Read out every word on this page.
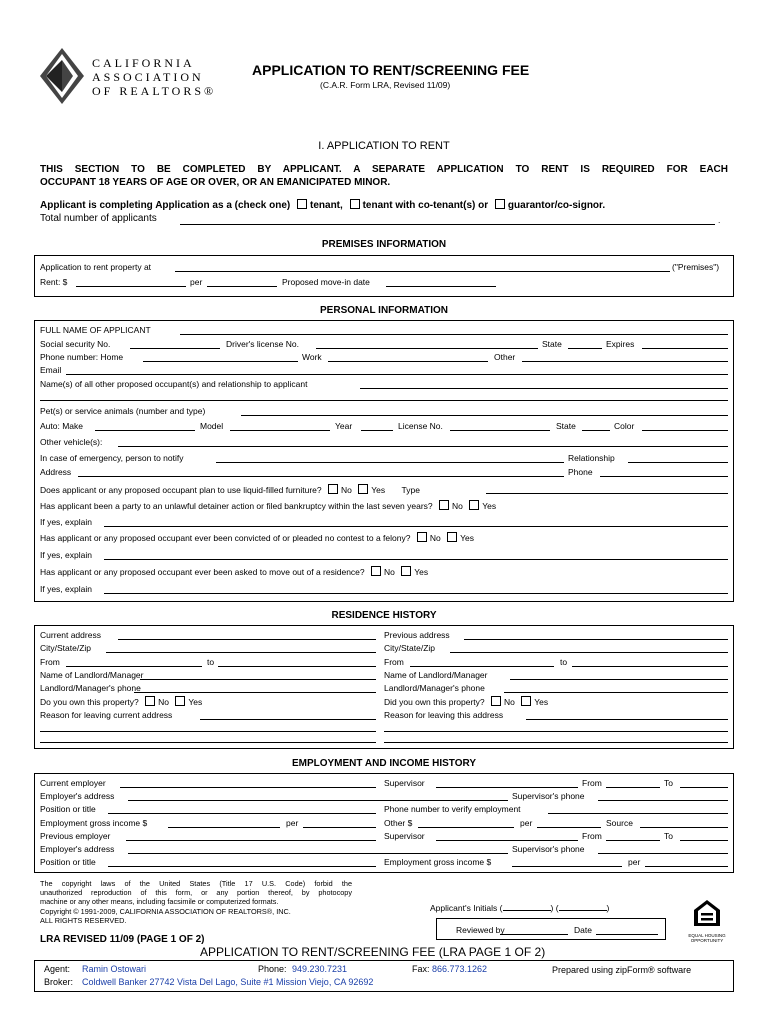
CALIFORNIA
ASSOCIATION
OF REALTORS®
APPLICATION TO RENT/SCREENING FEE
(C.A.R. Form LRA, Revised 11/09)
I. APPLICATION TO RENT
THIS SECTION TO BE COMPLETED BY APPLICANT. A SEPARATE APPLICATION TO RENT IS REQUIRED FOR EACH
OCCUPANT 18 YEARS OF AGE OR OVER, OR AN EMANICIPATED MINOR.
Applicant is completing Application as a (check one) tenant, tenant with co-tenant(s) or guarantor/co-signor.
Total number of applicants	.
PREMISES INFORMATION
Application to rent property at	("Premises")
Rent: $	per	Proposed move-in date
PERSONAL INFORMATION
FULL NAME OF APPLICANT
Social security No.	Driver's license No.	State	Expires
Phone number: Home	Work	Other
Email
Name(s) of all other proposed occupant(s) and relationship to applicant
Pet(s) or service animals (number and type)
Auto: Make	Model	Year	License No.	State	Color
Other vehicle(s):
In case of emergency, person to notify	Relationship
Address	Phone
Does applicant or any proposed occupant plan to use liquid-filled furniture? No Yes Type
Has applicant been a party to an unlawful detainer action or filed bankruptcy within the last seven years? No Yes
If yes, explain
Has applicant or any proposed occupant ever been convicted of or pleaded no contest to a felony? No Yes
If yes, explain
Has applicant or any proposed occupant ever been asked to move out of a residence? No Yes
If yes, explain
RESIDENCE HISTORY
Current address
City/State/Zip
From	to
Name of Landlord/Manager
Landlord/Manager's phone
Do you own this property? No Yes
Reason for leaving current address
Previous address
City/State/Zip
From	to
Name of Landlord/Manager
Landlord/Manager's phone
Did you own this property? No Yes
Reason for leaving this address
EMPLOYMENT AND INCOME HISTORY
Current employer	Supervisor	From	To
Employer's address	Supervisor's phone
Position or title	Phone number to verify employment
Employment gross income $	per	Other $	per	Source
Previous employer	Supervisor	From	To
Employer's address	Supervisor's phone
Position or title	Employment gross income $	per
The copyright laws of the United States (Title 17 U.S. Code) forbid the
unauthorized reproduction of this form, or any portion thereof, by photocopy
machine or any other means, including facsimile or computerized formats.
Copyright © 1991-2009, CALIFORNIA ASSOCIATION OF REALTORS®, INC.
ALL RIGHTS RESERVED.
LRA REVISED 11/09 (PAGE 1 OF 2)
Applicant's Initials (	) (	)
Reviewed by	Date
EQUAL HOUSING
OPPORTUNITY
APPLICATION TO RENT/SCREENING FEE (LRA PAGE 1 OF 2)
Agent: Ramin Ostowari	Phone: 949.230.7231	Fax: 866.773.1262	Prepared using zipForm® software
Broker: Coldwell Banker 27742 Vista Del Lago, Suite #1 Mission Viejo, CA 92692
